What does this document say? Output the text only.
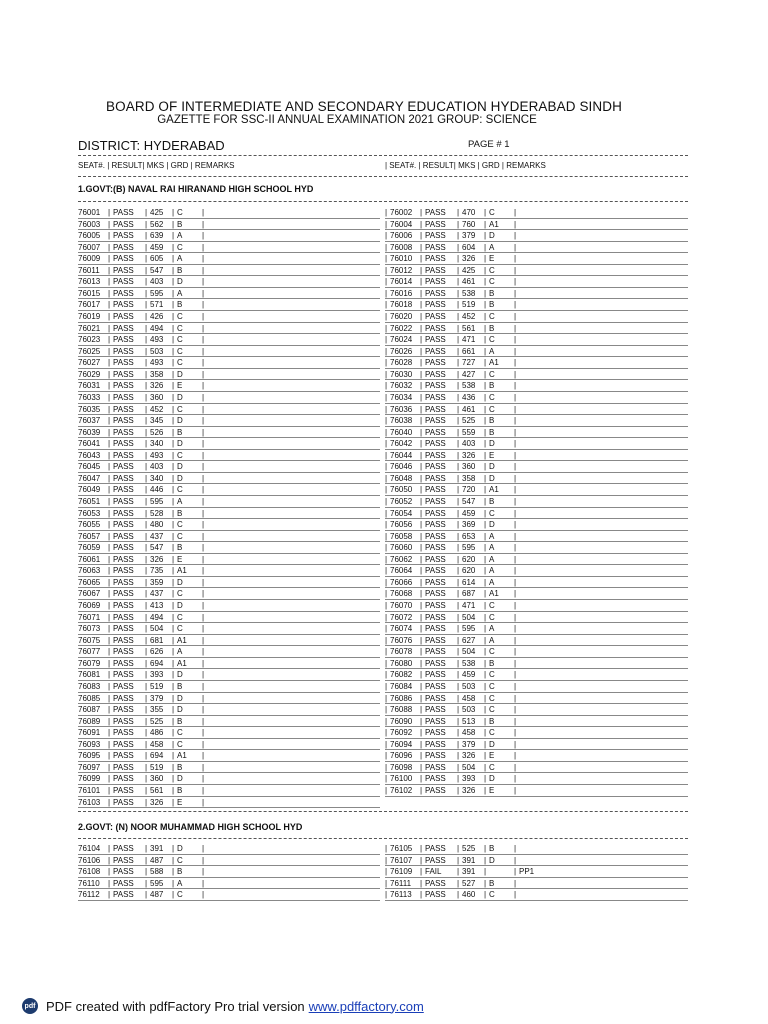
BOARD OF INTERMEDIATE AND SECONDARY EDUCATION HYDERABAD SINDH
GAZETTE FOR SSC-II ANNUAL EXAMINATION 2021 GROUP: SCIENCE
DISTRICT: HYDERABAD	PAGE # 1
SEAT#. | RESULT| MKS | GRD | REMARKS	| SEAT#. | RESULT| MKS | GRD | REMARKS
1.GOVT:(B) NAVAL RAI HIRANAND HIGH SCHOOL HYD
76001 | PASS | 425 | C |
76003 | PASS | 562 | B |
76005 | PASS | 639 | A |
76007 | PASS | 459 | C |
76009 | PASS | 605 | A |
76011 | PASS | 547 | B |
76013 | PASS | 403 | D |
76015 | PASS | 595 | A |
76017 | PASS | 571 | B |
76019 | PASS | 426 | C |
76021 | PASS | 494 | C |
76023 | PASS | 493 | C |
76025 | PASS | 503 | C |
76027 | PASS | 493 | C |
76029 | PASS | 358 | D |
76031 | PASS | 326 | E |
76033 | PASS | 360 | D |
76035 | PASS | 452 | C |
76037 | PASS | 345 | D |
76039 | PASS | 526 | B |
76041 | PASS | 340 | D |
76043 | PASS | 493 | C |
76045 | PASS | 403 | D |
76047 | PASS | 340 | D |
76049 | PASS | 446 | C |
76051 | PASS | 595 | A |
76053 | PASS | 528 | B |
76055 | PASS | 480 | C |
76057 | PASS | 437 | C |
76059 | PASS | 547 | B |
76061 | PASS | 326 | E |
76063 | PASS | 735 | A1 |
76065 | PASS | 359 | D |
76067 | PASS | 437 | C |
76069 | PASS | 413 | D |
76071 | PASS | 494 | C |
76073 | PASS | 504 | C |
76075 | PASS | 681 | A1 |
76077 | PASS | 626 | A |
76079 | PASS | 694 | A1 |
76081 | PASS | 393 | D |
76083 | PASS | 519 | B |
76085 | PASS | 379 | D |
76087 | PASS | 355 | D |
76089 | PASS | 525 | B |
76091 | PASS | 486 | C |
76093 | PASS | 458 | C |
76095 | PASS | 694 | A1 |
76097 | PASS | 519 | B |
76099 | PASS | 360 | D |
76101 | PASS | 561 | B |
76103 | PASS | 326 | E |
| 76002 | PASS | 470 | C |
| 76004 | PASS | 760 | A1 |
| 76006 | PASS | 379 | D |
| 76008 | PASS | 604 | A |
| 76010 | PASS | 326 | E |
| 76012 | PASS | 425 | C |
| 76014 | PASS | 461 | C |
| 76016 | PASS | 538 | B |
| 76018 | PASS | 519 | B |
| 76020 | PASS | 452 | C |
| 76022 | PASS | 561 | B |
| 76024 | PASS | 471 | C |
| 76026 | PASS | 661 | A |
| 76028 | PASS | 727 | A1 |
| 76030 | PASS | 427 | C |
| 76032 | PASS | 538 | B |
| 76034 | PASS | 436 | C |
| 76036 | PASS | 461 | C |
| 76038 | PASS | 525 | B |
| 76040 | PASS | 559 | B |
| 76042 | PASS | 403 | D |
| 76044 | PASS | 326 | E |
| 76046 | PASS | 360 | D |
| 76048 | PASS | 358 | D |
| 76050 | PASS | 720 | A1 |
| 76052 | PASS | 547 | B |
| 76054 | PASS | 459 | C |
| 76056 | PASS | 369 | D |
| 76058 | PASS | 653 | A |
| 76060 | PASS | 595 | A |
| 76062 | PASS | 620 | A |
| 76064 | PASS | 620 | A |
| 76066 | PASS | 614 | A |
| 76068 | PASS | 687 | A1 |
| 76070 | PASS | 471 | C |
| 76072 | PASS | 504 | C |
| 76074 | PASS | 595 | A |
| 76076 | PASS | 627 | A |
| 76078 | PASS | 504 | C |
| 76080 | PASS | 538 | B |
| 76082 | PASS | 459 | C |
| 76084 | PASS | 503 | C |
| 76086 | PASS | 458 | C |
| 76088 | PASS | 503 | C |
| 76090 | PASS | 513 | B |
| 76092 | PASS | 458 | C |
| 76094 | PASS | 379 | D |
| 76096 | PASS | 326 | E |
| 76098 | PASS | 504 | C |
| 76100 | PASS | 393 | D |
| 76102 | PASS | 326 | E |
2.GOVT: (N) NOOR MUHAMMAD HIGH SCHOOL HYD
76104 | PASS | 391 | D |
76106 | PASS | 487 | C |
76108 | PASS | 588 | B |
76110 | PASS | 595 | A |
76112 | PASS | 487 | C |
| 76105 | PASS | 525 | B |
| 76107 | PASS | 391 | D |
| 76109 | FAIL | 391 |	| PP1
| 76111 | PASS | 527 | B |
| 76113 | PASS | 460 | C |
pdf PDF created with pdfFactory Pro trial version www.pdffactory.com
